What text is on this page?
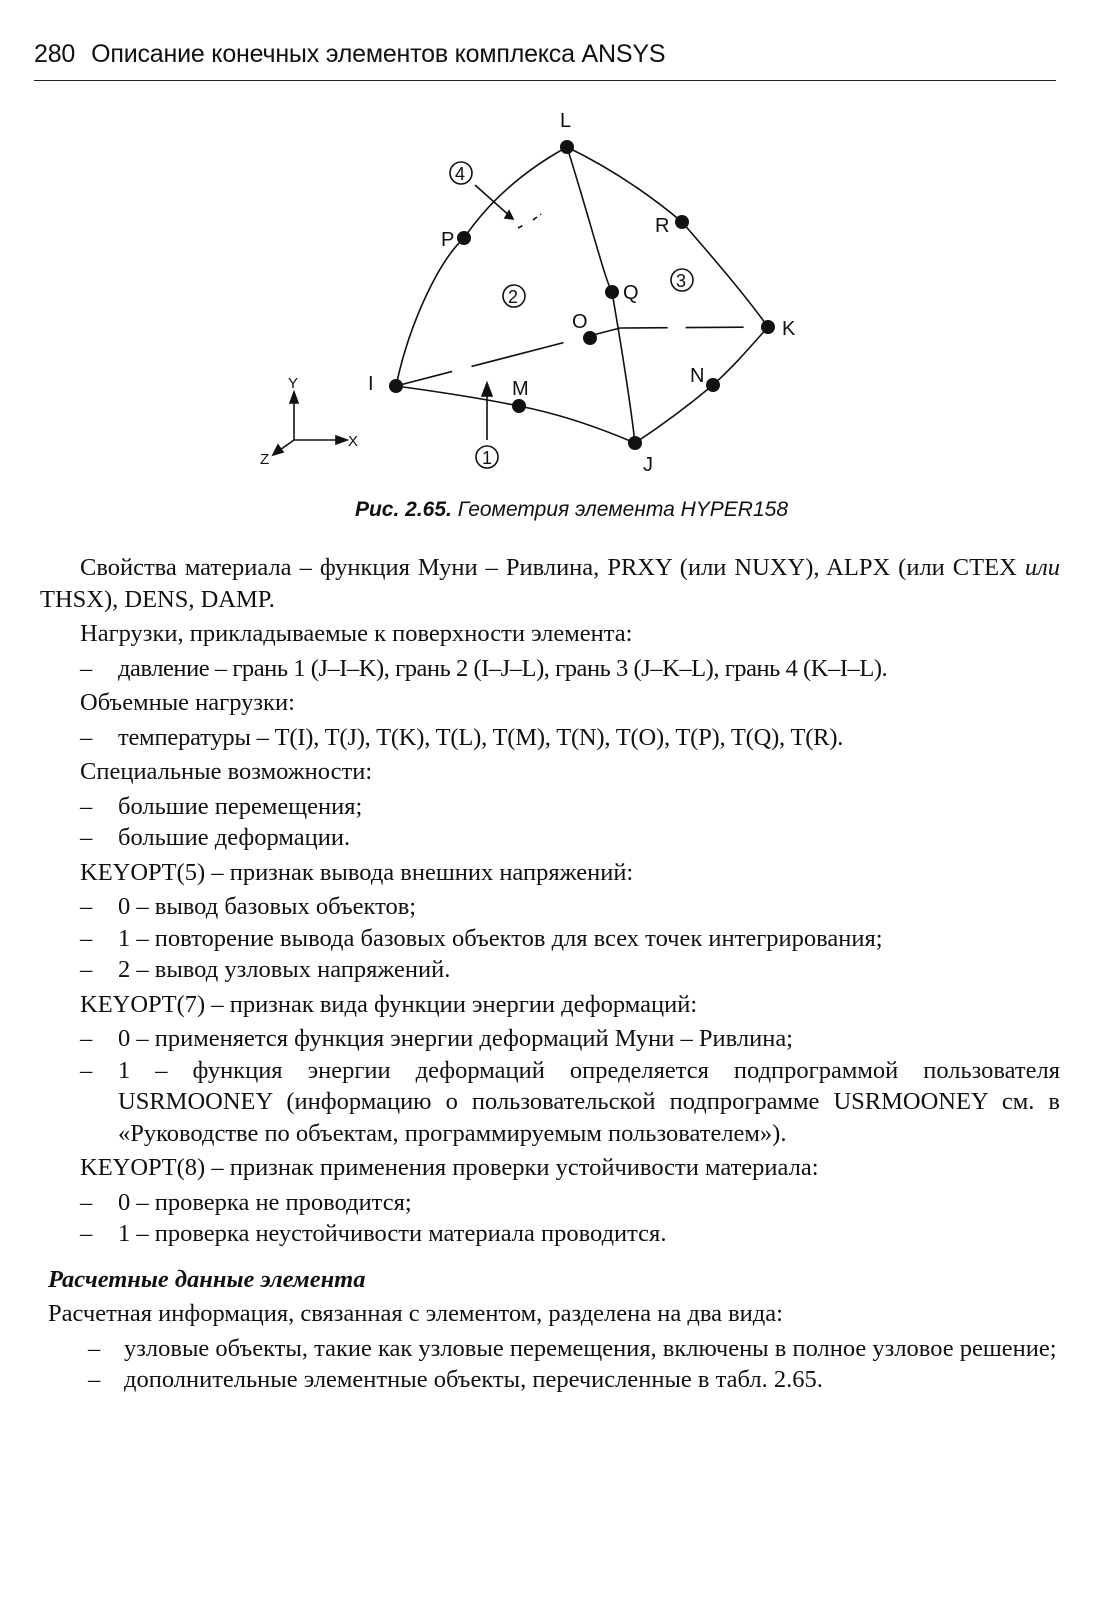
280 Описание конечных элементов комплекса ANSYS
I
J
K
L
M
N
O
P
Q
R
4
2
3
1
Y
X
Z
Рис. 2.65. Геометрия элемента HYPER158

Свойства материала – функция Муни – Ривлина, PRXY (или NUXY), ALPX (или CTEX или THSX), DENS, DAMP.

Нагрузки, прикладываемые к поверхности элемента:

– давление – грань 1 (J–I–K), грань 2 (I–J–L), грань 3 (J–K–L), грань 4 (K–I–L).

Объемные нагрузки:

– температуры – T(I), T(J), T(K), T(L), T(M), T(N), T(O), T(P), T(Q), T(R).

Специальные возможности:

– большие перемещения;

– большие деформации.

KEYOPT(5) – признак вывода внешних напряжений:

– 0 – вывод базовых объектов;

– 1 – повторение вывода базовых объектов для всех точек интегрирования;

– 2 – вывод узловых напряжений.

KEYOPT(7) – признак вида функции энергии деформаций:

– 0 – применяется функция энергии деформаций Муни – Ривлина;

– 1 – функция энергии деформаций определяется подпрограммой пользователя USRMOONEY (информацию о пользовательской подпрограмме USRMOONEY см. в «Руководстве по объектам, программируемым пользователем»).

KEYOPT(8) – признак применения проверки устойчивости материала:

– 0 – проверка не проводится;

– 1 – проверка неустойчивости материала проводится.

Расчетные данные элемента

Расчетная информация, связанная с элементом, разделена на два вида:

– узловые объекты, такие как узловые перемещения, включены в полное узловое решение;

– дополнительные элементные объекты, перечисленные в табл. 2.65.
